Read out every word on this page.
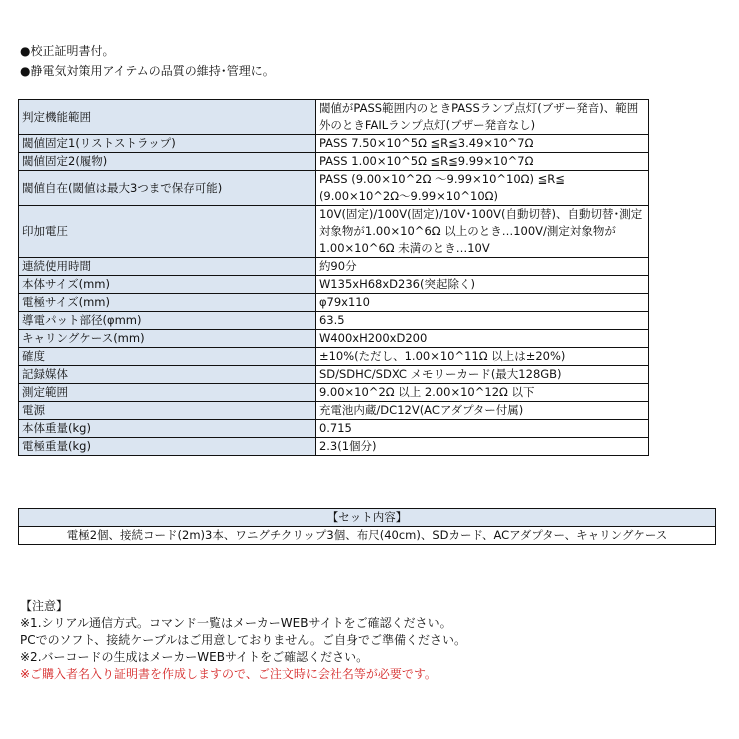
●校正証明書付。
●静電気対策用アイテムの品質の維持･管理に。
判定機能範囲	閾値がPASS範囲内のときPASSランプ点灯(ブザー発音)、範囲外のときFAILランプ点灯(ブザー発音なし)
閾値固定1(リストストラップ)	PASS 7.50×10^5Ω ≦R≦3.49×10^7Ω
閾値固定2(履物)	PASS 1.00×10^5Ω ≦R≦9.99×10^7Ω
閾値自在(閾値は最大3つまで保存可能)	PASS (9.00×10^2Ω ～9.99×10^10Ω) ≦R≦ (9.00×10^2Ω～9.99×10^10Ω)
印加電圧	10V(固定)/100V(固定)/10V･100V(自動切替)、自動切替･測定対象物が1.00×10^6Ω 以上のとき…100V/測定対象物が1.00×10^6Ω 未満のとき…10V
連続使用時間	約90分
本体サイズ(mm)	W135xH68xD236(突起除く)
電極サイズ(mm)	φ79x110
導電パット部径(φmm)	63.5
キャリングケース(mm)	W400xH200xD200
確度	±10%(ただし、1.00×10^11Ω 以上は±20%)
記録媒体	SD/SDHC/SDXC メモリーカード(最大128GB)
測定範囲	9.00×10^2Ω 以上 2.00×10^12Ω 以下
電源	充電池内蔵/DC12V(ACアダプター付属)
本体重量(kg)	0.715
電極重量(kg)	2.3(1個分)
【セット内容】
電極2個、接続コード(2m)3本、ワニグチクリップ3個、布尺(40cm)、SDカード、ACアダプター、キャリングケース
【注意】
※1.シリアル通信方式。コマンド一覧はメーカーWEBサイトをご確認ください。
PCでのソフト、接続ケーブルはご用意しておりません。ご自身でご準備ください。
※2.バーコードの生成はメーカーWEBサイトをご確認ください。
※ご購入者名入り証明書を作成しますので、ご注文時に会社名等が必要です。
